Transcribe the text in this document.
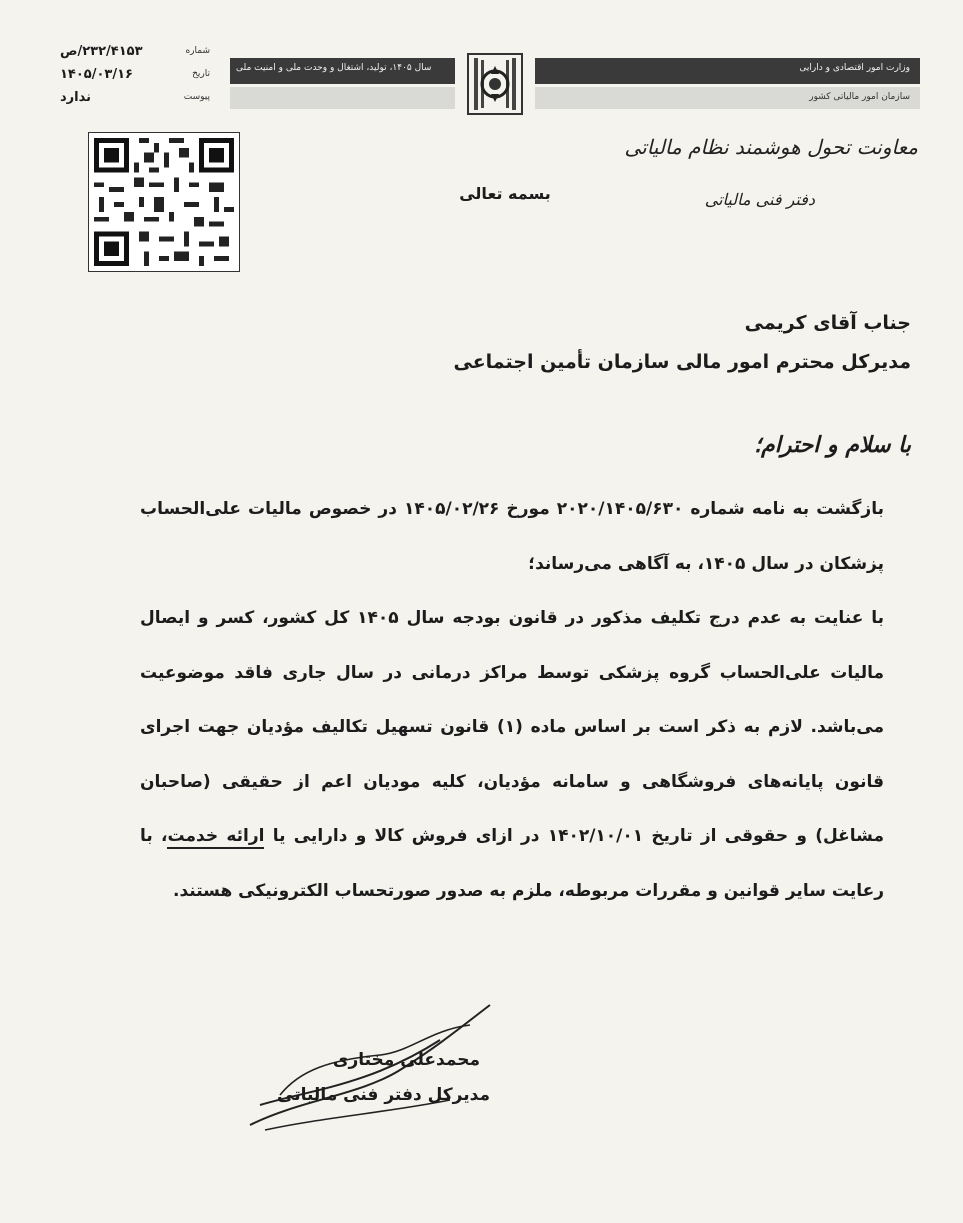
شماره
۲۳۲/۴۱۵۳/ص
تاریخ
۱۴۰۵/۰۳/۱۶
پیوست
ندارد
سال ۱۴۰۵، تولید، اشتغال و وحدت ملی و امنیت ملی	وزارت امور اقتصادی و دارایی
سازمان امور مالیاتی کشور
معاونت تحول هوشمند نظام مالیاتی
دفتر فنی مالیاتی
بسمه تعالی
جناب آقای کریمی
مدیرکل محترم امور مالی سازمان تأمین اجتماعی
با سلام و احترام؛

بازگشت به نامه شماره ۲۰۲۰/۱۴۰۵/۶۳۰ مورخ ۱۴۰۵/۰۲/۲۶ در خصوص مالیات علی‌الحساب پزشکان در سال ۱۴۰۵، به آگاهی می‌رساند؛

با عنایت به عدم درج تکلیف مذکور در قانون بودجه سال ۱۴۰۵ کل کشور، کسر و ایصال مالیات علی‌الحساب گروه پزشکی توسط مراکز درمانی در سال جاری فاقد موضوعیت می‌باشد. لازم به ذکر است بر اساس ماده (۱) قانون تسهیل تکالیف مؤدیان جهت اجرای قانون پایانه‌های فروشگاهی و سامانه مؤدیان، کلیه مودیان اعم از حقیقی (صاحبان مشاغل) و حقوقی از تاریخ ۱۴۰۲/۱۰/۰۱ در ازای فروش کالا و دارایی یا ارائه خدمت، با رعایت سایر قوانین و مقررات مربوطه، ملزم به صدور صورتحساب الکترونیکی هستند.

محمدعلی مختاری
مدیرکل دفتر فنی مالیاتی
